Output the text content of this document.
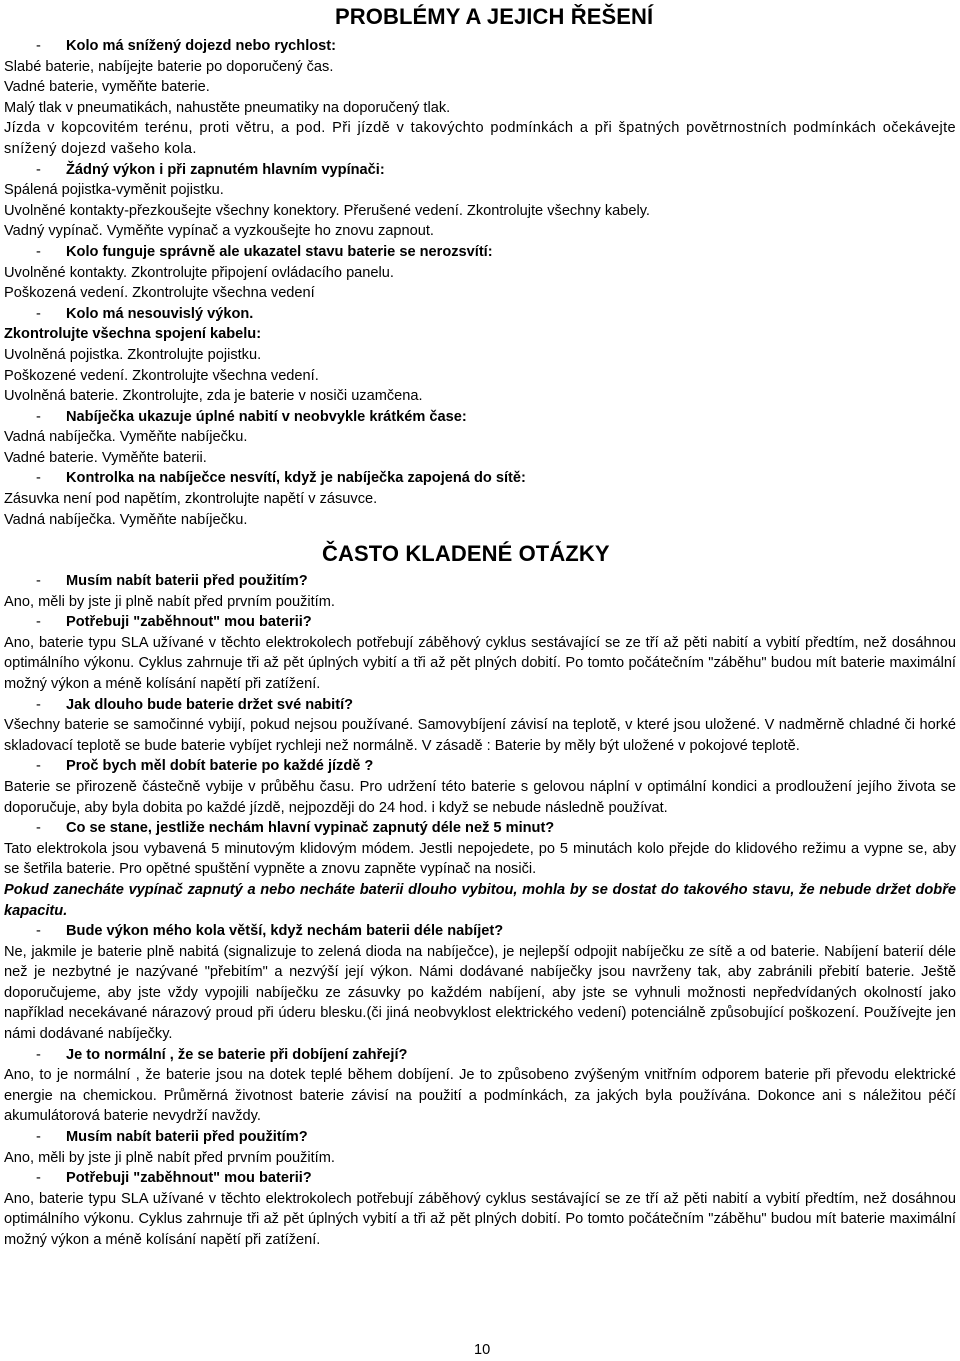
PROBLÉMY A JEJICH ŘEŠENÍ
- Kolo má snížený dojezd nebo rychlost:
Slabé baterie, nabíjejte baterie po doporučený čas.
Vadné baterie, vyměňte baterie.
Malý tlak v pneumatikách, nahustěte pneumatiky na doporučený tlak.
Jízda v kopcovitém terénu, proti větru, a pod. Při jízdě v takovýchto podmínkách a při špatných povětrnostních podmínkách očekávejte snížený dojezd vašeho kola.
- Žádný výkon i při zapnutém hlavním vypínači:
Spálená pojistka-vyměnit pojistku.
Uvolněné kontakty-přezkoušejte všechny konektory. Přerušené vedení. Zkontrolujte všechny kabely.
Vadný vypínač. Vyměňte vypínač a vyzkoušejte ho znovu zapnout.
- Kolo funguje správně ale ukazatel stavu baterie se nerozsvítí:
Uvolněné kontakty. Zkontrolujte připojení ovládacího panelu.
Poškozená vedení. Zkontrolujte všechna vedení
- Kolo má nesouvislý výkon.
Zkontrolujte všechna spojení kabelu:
Uvolněná pojistka. Zkontrolujte pojistku.
Poškozené vedení. Zkontrolujte všechna vedení.
Uvolněná baterie. Zkontrolujte, zda je baterie v nosiči uzamčena.
- Nabíječka ukazuje úplné nabití v neobvykle krátkém čase:
Vadná nabíječka. Vyměňte nabíječku.
Vadné baterie. Vyměňte baterii.
- Kontrolka na nabíječce nesvítí, když je nabíječka zapojená do sítě:
Zásuvka není pod napětím, zkontrolujte napětí v zásuvce.
Vadná nabíječka. Vyměňte nabíječku.
ČASTO KLADENÉ OTÁZKY
- Musím nabít baterii před použitím?
Ano, měli by jste ji plně nabít před prvním použitím.
- Potřebuji "zaběhnout" mou baterii?
Ano, baterie typu SLA užívané v těchto elektrokolech potřebují záběhový cyklus sestávající se ze tří až pěti nabití a vybití předtím, než dosáhnou optimálního výkonu. Cyklus zahrnuje tři až pět úplných vybití a tři až pět plných dobití. Po tomto počátečním "záběhu" budou mít baterie maximální možný výkon a méně kolísání napětí při zatížení.
- Jak dlouho bude baterie držet své nabití?
Všechny baterie se samočinné vybijí, pokud nejsou používané. Samovybíjení závisí na teplotě, v které jsou uložené. V nadměrně chladné či horké skladovací teplotě se bude baterie vybíjet rychleji než normálně. V zásadě : Baterie by měly být uložené v pokojové teplotě.
- Proč bych měl dobít baterie po každé jízdě ?
Baterie se přirozeně částečně vybije v průběhu času. Pro udržení této baterie s gelovou náplní v optimální kondici a prodloužení jejího života se doporučuje, aby byla dobita po každé jízdě, nejpozději do 24 hod. i když se nebude následně používat.
- Co se stane, jestliže nechám hlavní vypinač zapnutý déle než 5 minut?
Tato elektrokola jsou vybavená 5 minutovým klidovým módem. Jestli nepojedete, po 5 minutách kolo přejde do klidového režimu a vypne se, aby se šetřila baterie. Pro opětné spuštění vypněte a znovu zapněte vypínač na nosiči.
Pokud zanecháte vypínač zapnutý a nebo necháte baterii dlouho vybitou, mohla by se dostat do takového stavu, že nebude držet dobře kapacitu.
- Bude výkon mého kola větší, když nechám baterii déle nabíjet?
Ne, jakmile je baterie plně nabitá (signalizuje to zelená dioda na nabíječce), je nejlepší odpojit nabíječku ze sítě a od baterie. Nabíjení baterií déle než je nezbytné je nazývané "přebitím" a nezvýší její výkon. Námi dodávané nabíječky jsou navrženy tak, aby zabránili přebití baterie. Ještě doporučujeme, aby jste vždy vypojili nabíječku ze zásuvky po každém nabíjení, aby jste se vyhnuli možnosti nepředvídaných okolností jako například necekávané nárazový proud při úderu blesku.(či jiná neobvyklost elektrického vedení) potenciálně způsobující poškození. Používejte jen námi dodávané nabíječky.
- Je to normální , že se baterie při dobíjení zahřejí?
Ano, to je normální , že baterie jsou na dotek teplé během dobíjení. Je to způsobeno zvýšeným vnitřním odporem baterie při převodu elektrické energie na chemickou. Průměrná životnost baterie závisí na použití a podmínkách, za jakých byla používána. Dokonce ani s náležitou péčí akumulátorová baterie nevydrží navždy.
- Musím nabít baterii před použitím?
Ano, měli by jste ji plně nabít před prvním použitím.
- Potřebuji "zaběhnout" mou baterii?
Ano, baterie typu SLA užívané v těchto elektrokolech potřebují záběhový cyklus sestávající se ze tří až pěti nabití a vybití předtím, než dosáhnou optimálního výkonu. Cyklus zahrnuje tři až pět úplných vybití a tři až pět plných dobití. Po tomto počátečním "záběhu" budou mít baterie maximální možný výkon a méně kolísání napětí při zatížení.
10
